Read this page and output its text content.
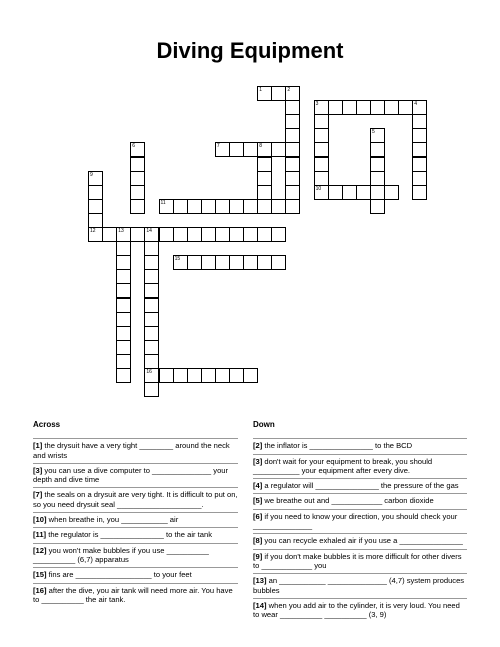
Diving Equipment
1	2
3	4
10
5
6	7	8
9
11
12	13	14
16
15
Across
[1] the drysuit have a very tight ________ around the neck and wrists
[3] you can use a dive computer to ______________ your depth and dive time
[7] the seals on a drysuit are very tight. It is difficult to put on, so you need drysuit seal ____________________.
[10] when breathe in, you ___________ air
[11] the regulator is _______________ to the air tank
[12] you won't make bubbles if you use __________ __________ (6,7) apparatus
[15] fins are __________________ to your feet
[16] after the dive, you air tank will need more air. You have to __________ the air tank.
Down
[2] the inflator is _______________ to the BCD
[3] don't wait for your equipment to break, you should ___________ your equipment after every dive.
[4] a regulator will _______________ the pressure of the gas
[5] we breathe out and ____________ carbon dioxide
[6] if you need to know your direction, you should check your ______________
[8] you can recycle exhaled air if you use a _______________
[9] if you don't make bubbles it is more difficult for other divers to ____________ you
[13] an ___________ ______________ (4,7) system produces bubbles
[14] when you add air to the cylinder, it is very loud. You need to wear __________ __________ (3, 9)
